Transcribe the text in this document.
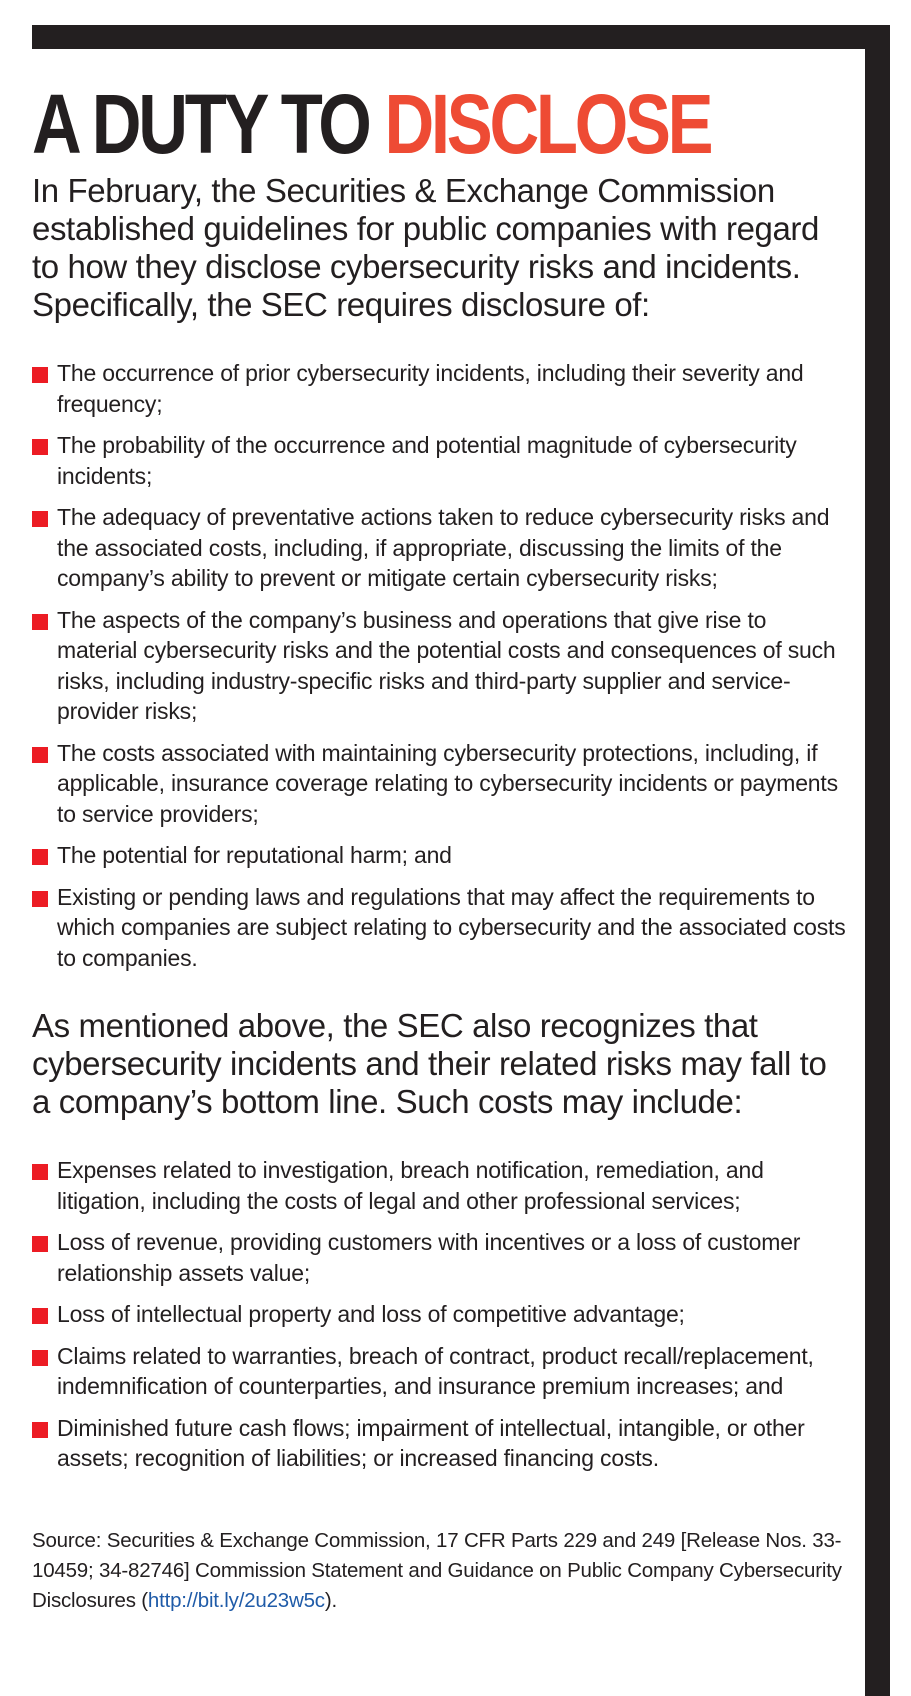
A DUTY TO DISCLOSE

In February, the Securities & Exchange Commission established guidelines for public companies with regard to how they disclose cybersecurity risks and incidents. Specifically, the SEC requires disclosure of:

The occurrence of prior cybersecurity incidents, including their severity and frequency;
The probability of the occurrence and potential magnitude of cybersecurity incidents;
The adequacy of preventative actions taken to reduce cybersecurity risks and the associated costs, including, if appropriate, discussing the limits of the company’s ability to prevent or mitigate certain cybersecurity risks;
The aspects of the company’s business and operations that give rise to material cybersecurity risks and the potential costs and consequences of such risks, including industry-specific risks and third-party supplier and service-provider risks;
The costs associated with maintaining cybersecurity protections, including, if applicable, insurance coverage relating to cybersecurity incidents or payments to service providers;
The potential for reputational harm; and
Existing or pending laws and regulations that may affect the requirements to which companies are subject relating to cybersecurity and the associated costs to companies.

As mentioned above, the SEC also recognizes that cybersecurity incidents and their related risks may fall to a company’s bottom line. Such costs may include:

Expenses related to investigation, breach notification, remediation, and litigation, including the costs of legal and other professional services;
Loss of revenue, providing customers with incentives or a loss of customer relationship assets value;
Loss of intellectual property and loss of competitive advantage;
Claims related to warranties, breach of contract, product recall/replacement, indemnification of counterparties, and insurance premium increases; and
Diminished future cash flows; impairment of intellectual, intangible, or other assets; recognition of liabilities; or increased financing costs.

Source: Securities & Exchange Commission, 17 CFR Parts 229 and 249 [Release Nos. 33-10459; 34-82746] Commission Statement and Guidance on Public Company Cybersecurity Disclosures (http://bit.ly/2u23w5c).
